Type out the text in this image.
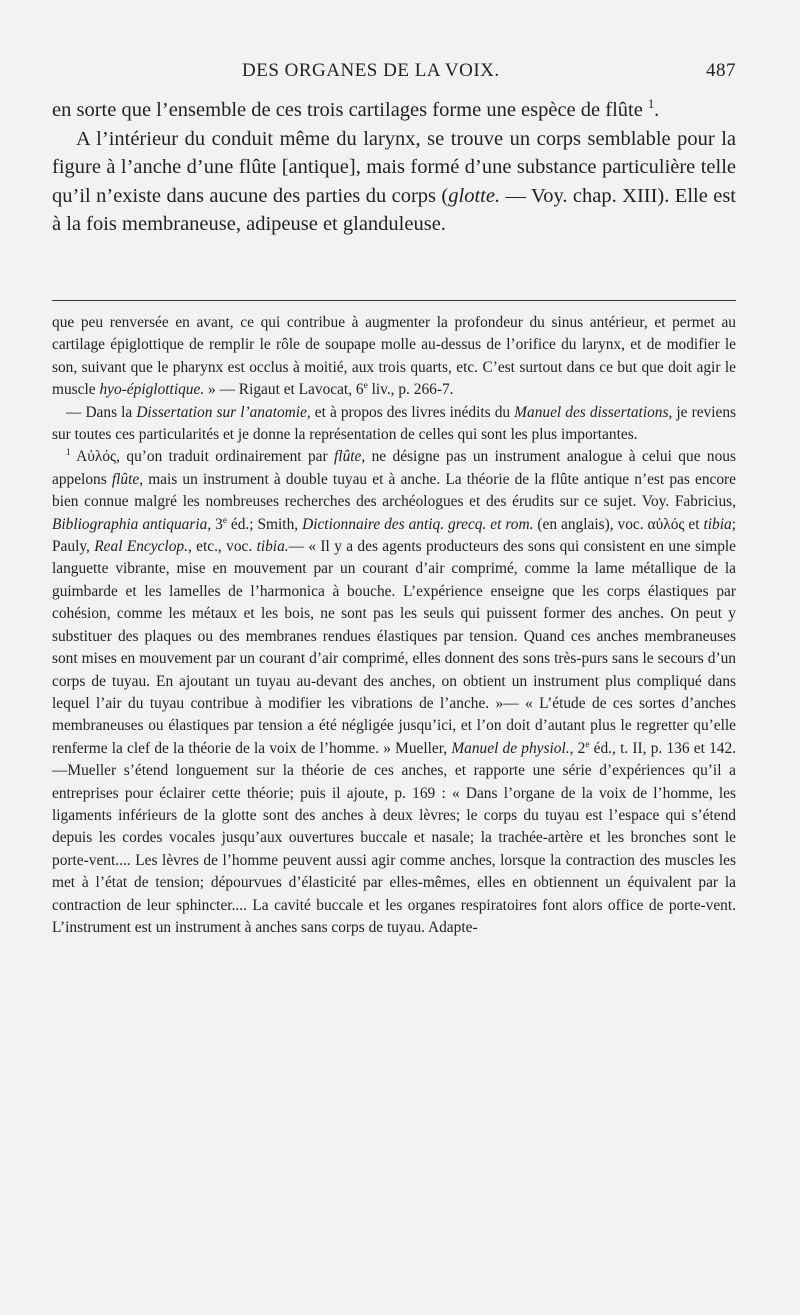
DES ORGANES DE LA VOIX.	487

en sorte que l’ensemble de ces trois cartilages forme une espèce de flûte $^1$.

A l’intérieur du conduit même du larynx, se trouve un corps semblable pour la figure à l’anche d’une flûte [antique], mais formé d’une substance particulière telle qu’il n’existe dans aucune des parties du corps (glotte. — Voy. chap. XIII). Elle est à la fois membraneuse, adipeuse et glanduleuse.

que peu renversée en avant, ce qui contribue à augmenter la profondeur du sinus antérieur, et permet au cartilage épiglottique de remplir le rôle de soupape molle au-dessus de l’orifice du larynx, et de modifier le son, suivant que le pharynx est occlus à moitié, aux trois quarts, etc. C’est surtout dans ce but que doit agir le muscle hyo-épiglottique. » — Rigaut et Lavocat, 6e liv., p. 266-7.

— Dans la Dissertation sur l’anatomie, et à propos des livres inédits du Manuel des dissertations, je reviens sur toutes ces particularités et je donne la représentation de celles qui sont les plus importantes.

$^1$ Αὐλός, qu’on traduit ordinairement par flûte, ne désigne pas un instrument analogue à celui que nous appelons flûte, mais un instrument à double tuyau et à anche. La théorie de la flûte antique n’est pas encore bien connue malgré les nombreuses recherches des archéologues et des érudits sur ce sujet. Voy. Fabricius, Bibliographia antiquaria, 3e éd.; Smith, Dictionnaire des antiq. grecq. et rom. (en anglais), voc. αὐλός et tibia; Pauly, Real Encyclop., etc., voc. tibia.— « Il y a des agents producteurs des sons qui consistent en une simple languette vibrante, mise en mouvement par un courant d’air comprimé, comme la lame métallique de la guimbarde et les lamelles de l’harmonica à bouche. L’expérience enseigne que les corps élastiques par cohésion, comme les métaux et les bois, ne sont pas les seuls qui puissent former des anches. On peut y substituer des plaques ou des membranes rendues élastiques par tension. Quand ces anches membraneuses sont mises en mouvement par un courant d’air comprimé, elles donnent des sons très-purs sans le secours d’un corps de tuyau. En ajoutant un tuyau au-devant des anches, on obtient un instrument plus compliqué dans lequel l’air du tuyau contribue à modifier les vibrations de l’anche. »— « L’étude de ces sortes d’anches membraneuses ou élastiques par tension a été négligée jusqu’ici, et l’on doit d’autant plus le regretter qu’elle renferme la clef de la théorie de la voix de l’homme. » Mueller, Manuel de physiol., 2e éd., t. II, p. 136 et 142.—Mueller s’étend longuement sur la théorie de ces anches, et rapporte une série d’expériences qu’il a entreprises pour éclairer cette théorie; puis il ajoute, p. 169 : « Dans l’organe de la voix de l’homme, les ligaments inférieurs de la glotte sont des anches à deux lèvres; le corps du tuyau est l’espace qui s’étend depuis les cordes vocales jusqu’aux ouvertures buccale et nasale; la trachée-artère et les bronches sont le porte-vent.... Les lèvres de l’homme peuvent aussi agir comme anches, lorsque la contraction des muscles les met à l’état de tension; dépourvues d’élasticité par elles-mêmes, elles en obtiennent un équivalent par la contraction de leur sphincter.... La cavité buccale et les organes respiratoires font alors office de porte-vent. L’instrument est un instrument à anches sans corps de tuyau. Adapte-
